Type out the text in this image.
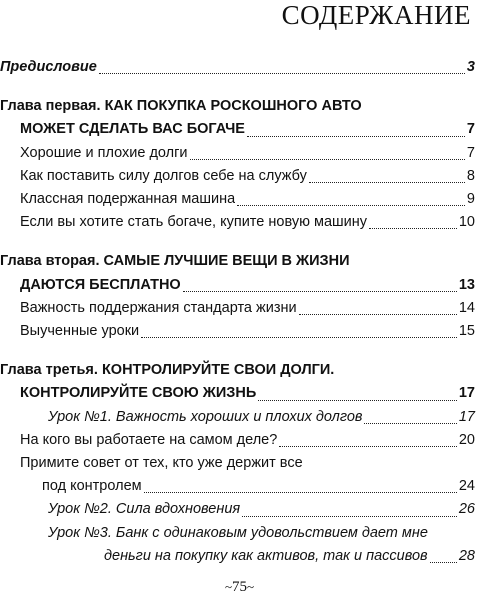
СОДЕРЖАНИЕ
Предисловие	3
Глава первая. КАК ПОКУПКА РОСКОШНОГО АВТО
МОЖЕТ СДЕЛАТЬ ВАС БОГАЧЕ	7
Хорошие и плохие долги	7
Как поставить силу долгов себе на службу	8
Классная подержанная машина	9
Если вы хотите стать богаче, купите новую машину	10
Глава вторая. САМЫЕ ЛУЧШИЕ ВЕЩИ В ЖИЗНИ
ДАЮТСЯ БЕСПЛАТНО	13
Важность поддержания стандарта жизни	14
Выученные уроки	15
Глава третья. КОНТРОЛИРУЙТЕ СВОИ ДОЛГИ.
КОНТРОЛИРУЙТЕ СВОЮ ЖИЗНЬ	17
Урок №1. Важность хороших и плохих долгов	17
На кого вы работаете на самом деле?	20
Примите совет от тех, кто уже держит все
под контролем	24
Урок №2. Сила вдохновения	26
Урок №3. Банк с одинаковым удовольствием дает мне
деньги на покупку как активов, так и пассивов 28
~75~
